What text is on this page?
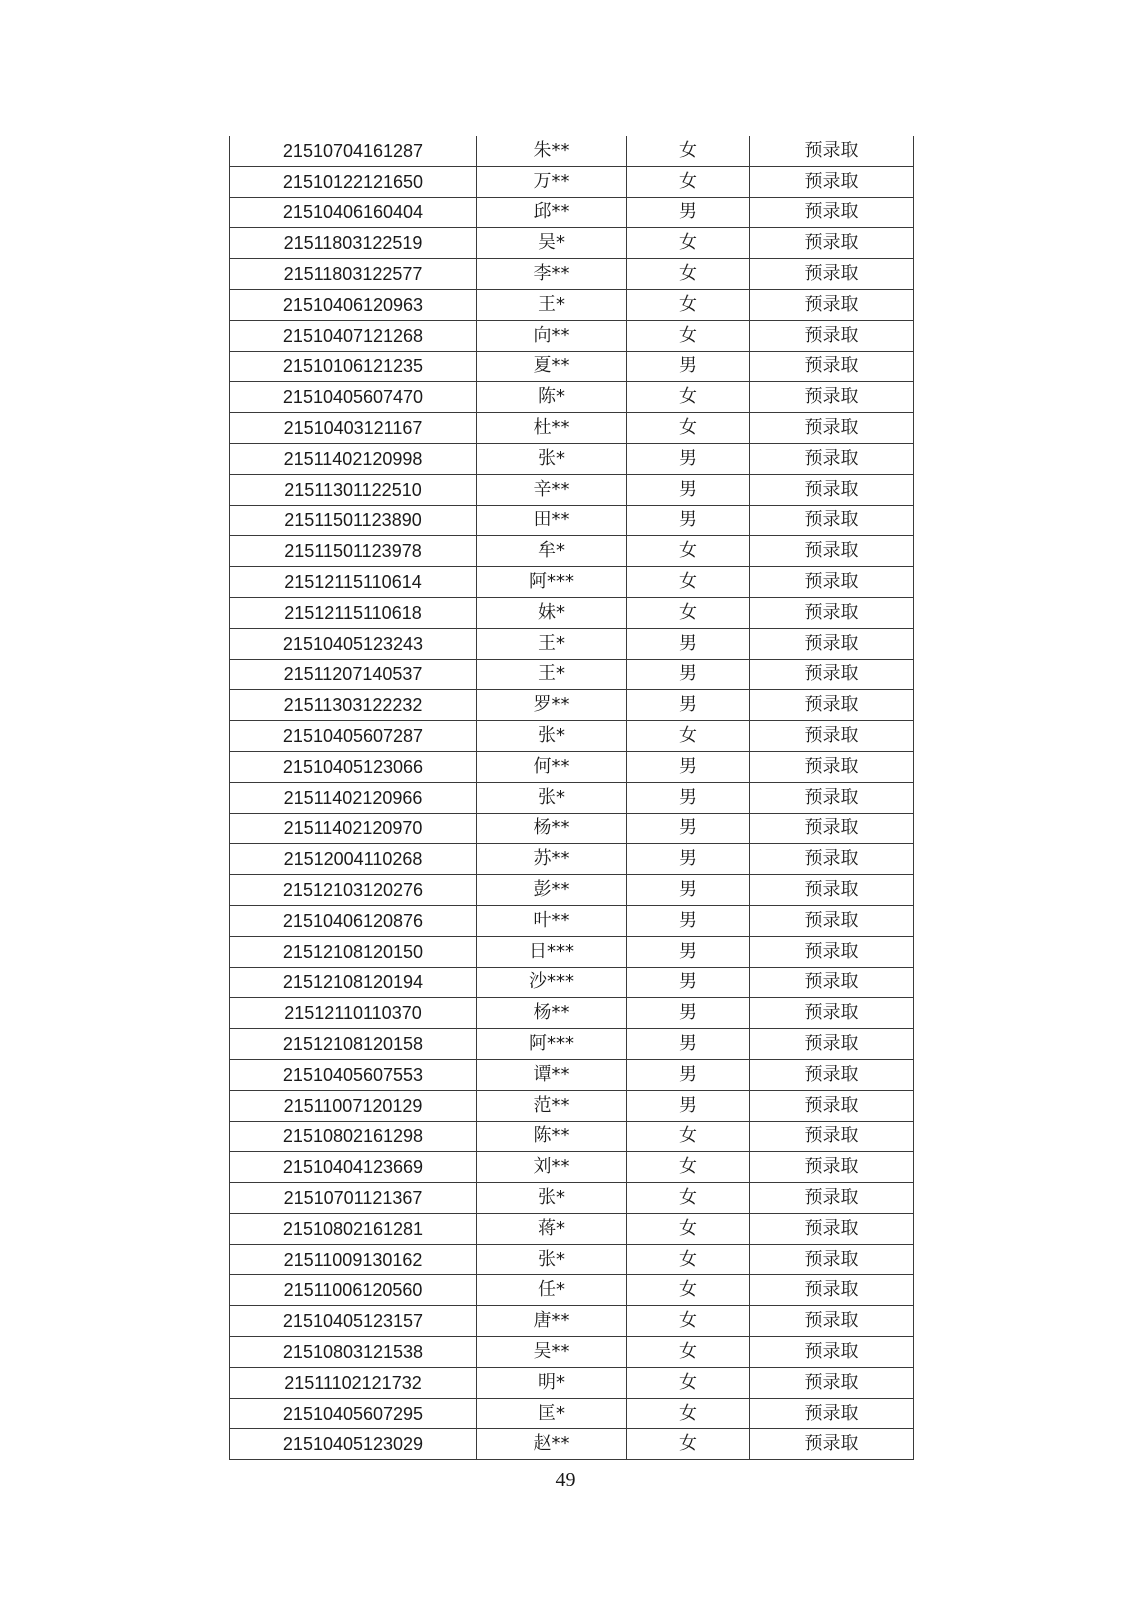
21510704161287	朱**	女	预录取
21510122121650	万**	女	预录取
21510406160404	邱**	男	预录取
21511803122519	吴*	女	预录取
21511803122577	李**	女	预录取
21510406120963	王*	女	预录取
21510407121268	向**	女	预录取
21510106121235	夏**	男	预录取
21510405607470	陈*	女	预录取
21510403121167	杜**	女	预录取
21511402120998	张*	男	预录取
21511301122510	辛**	男	预录取
21511501123890	田**	男	预录取
21511501123978	牟*	女	预录取
21512115110614	阿***	女	预录取
21512115110618	妹*	女	预录取
21510405123243	王*	男	预录取
21511207140537	王*	男	预录取
21511303122232	罗**	男	预录取
21510405607287	张*	女	预录取
21510405123066	何**	男	预录取
21511402120966	张*	男	预录取
21511402120970	杨**	男	预录取
21512004110268	苏**	男	预录取
21512103120276	彭**	男	预录取
21510406120876	叶**	男	预录取
21512108120150	日***	男	预录取
21512108120194	沙***	男	预录取
21512110110370	杨**	男	预录取
21512108120158	阿***	男	预录取
21510405607553	谭**	男	预录取
21511007120129	范**	男	预录取
21510802161298	陈**	女	预录取
21510404123669	刘**	女	预录取
21510701121367	张*	女	预录取
21510802161281	蒋*	女	预录取
21511009130162	张*	女	预录取
21511006120560	任*	女	预录取
21510405123157	唐**	女	预录取
21510803121538	吴**	女	预录取
21511102121732	明*	女	预录取
21510405607295	匡*	女	预录取
21510405123029	赵**	女	预录取
49
